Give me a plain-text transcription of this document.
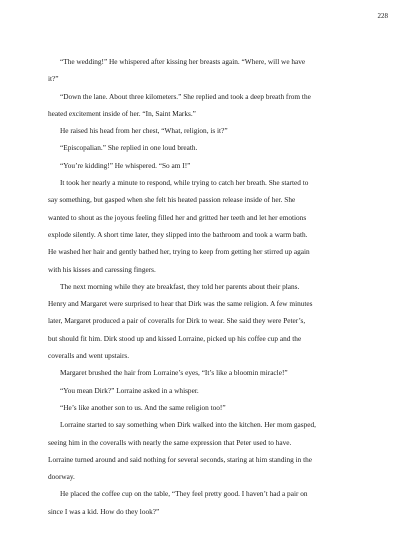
228
“The wedding!” He whispered after kissing her breasts again. “Where, will we have
it?”
“Down the lane. About three kilometers.” She replied and took a deep breath from the
heated excitement inside of her. “In, Saint Marks.”
He raised his head from her chest, “What, religion, is it?”
“Episcopalian.” She replied in one loud breath.
“You’re kidding!” He whispered. “So am I!”
It took her nearly a minute to respond, while trying to catch her breath. She started to
say something, but gasped when she felt his heated passion release inside of her. She
wanted to shout as the joyous feeling filled her and gritted her teeth and let her emotions
explode silently. A short time later, they slipped into the bathroom and took a warm bath.
He washed her hair and gently bathed her, trying to keep from getting her stirred up again
with his kisses and caressing fingers.
The next morning while they ate breakfast, they told her parents about their plans.
Henry and Margaret were surprised to hear that Dirk was the same religion. A few minutes
later, Margaret produced a pair of coveralls for Dirk to wear. She said they were Peter’s,
but should fit him. Dirk stood up and kissed Lorraine, picked up his coffee cup and the
coveralls and went upstairs.
Margaret brushed the hair from Lorraine’s eyes, “It’s like a bloomin miracle!”
“You mean Dirk?” Lorraine asked in a whisper.
“He’s like another son to us. And the same religion too!”
Lorraine started to say something when Dirk walked into the kitchen. Her mom gasped,
seeing him in the coveralls with nearly the same expression that Peter used to have.
Lorraine turned around and said nothing for several seconds, staring at him standing in the
doorway.
He placed the coffee cup on the table, “They feel pretty good. I haven’t had a pair on
since I was a kid. How do they look?”
